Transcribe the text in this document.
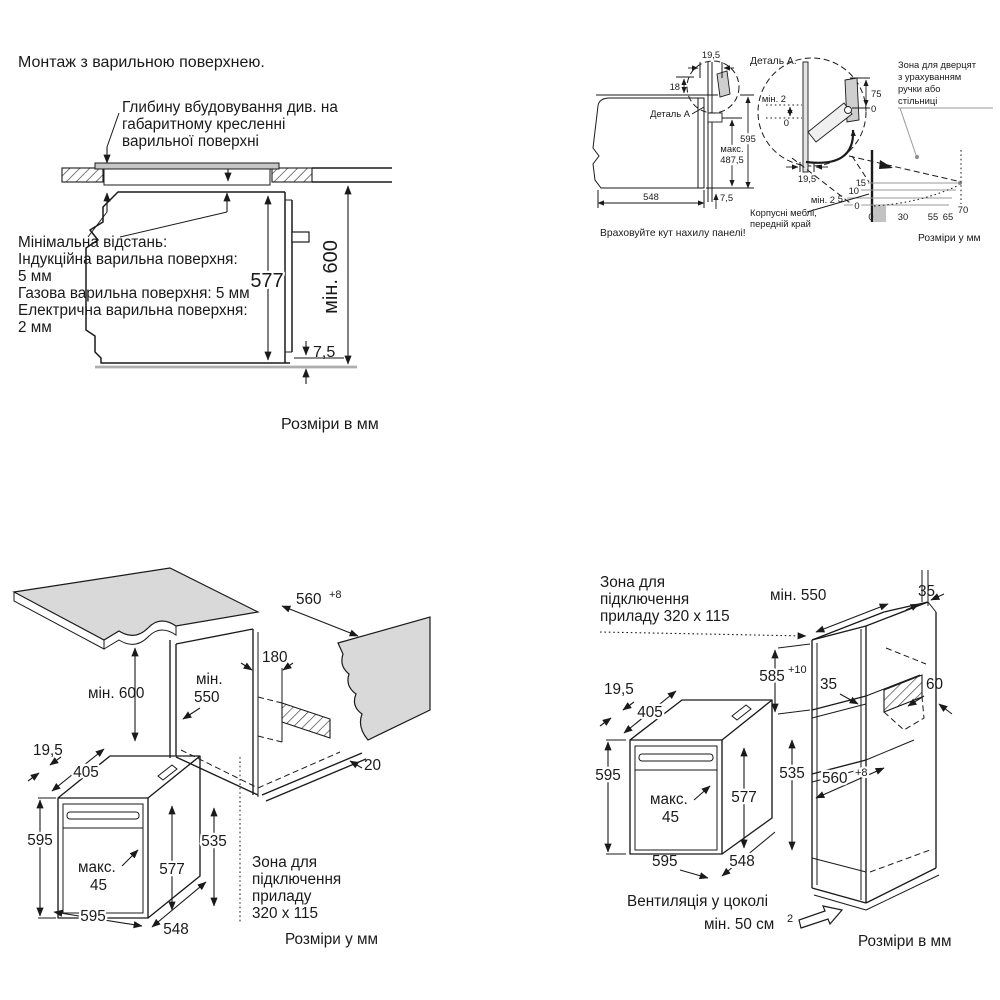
Монтаж з варильною поверхнею.
Глибину вбудовування див. на
габаритному кресленні
варильної поверхні
577 мін. 600
7,5
Мінімальна відстань:
Індукційна варильна поверхня:
5 мм
Газова варильна поверхня: 5 мм
Електрична варильна поверхня:
2 мм
Розміри в мм
19,5
18
Деталь A
595
макс.
487,5
548	7,5
Враховуйте кут нахилу панелі!
Деталь A.
мін. 2
0
75
0
19,5
Зона для дверцят
з урахуванням
ручки або
стільниці
15
10
5
0
мін. 2
0	30 55 65
70
Корпусні меблі,
передній край
Розміри у мм
560 +8
180
мін.
550
мін. 600
20
19,5
405
595
макс.
45
577
535
595
548
Зона для
підключення
приладу
320 x 115
Розміри у мм
Зона для
підключення
приладу 320 x 115
35
мін. 550
585 +10
35	60
560 +8
19,5
405
595
макс.
45
577
535
595	548
Вентиляція у цоколі
мін. 50 см 2
Розміри в мм
